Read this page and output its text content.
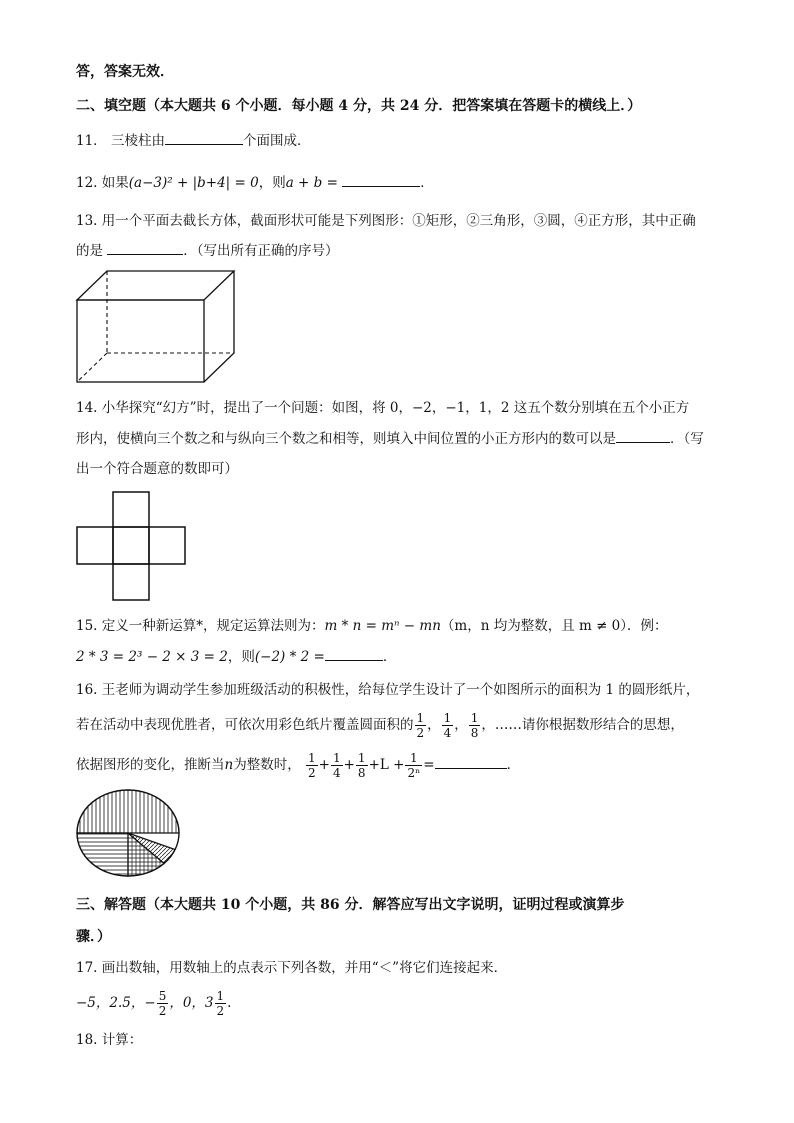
答，答案无效．
二、填空题（本大题共 6 个小题．每小题 4 分，共 24 分．把答案填在答题卡的横线上．）
11． 三棱柱由	个面围成．
12. 如果(a−3)² + |b+4| = 0，则a + b =	．
13. 用一个平面去截长方体，截面形状可能是下列图形：①矩形，②三角形，③圆，④正方形，其中正确
的是	．（写出所有正确的序号）
14. 小华探究“幻方”时，提出了一个问题：如图，将 0，−2，−1，1，2 这五个数分别填在五个小正方
形内，使横向三个数之和与纵向三个数之和相等，则填入中间位置的小正方形内的数可以是	．（写
出一个符合题意的数即可）
15. 定义一种新运算*，规定运算法则为：m * n = mⁿ − mn（m，n 均为整数，且 m ≠ 0）．例：
2 * 3 = 2³ − 2 × 3 = 2，则(−2) * 2 =	．
16. 王老师为调动学生参加班级活动的积极性，给每位学生设计了一个如图所示的面积为 1 的圆形纸片，
若在活动中表现优胜者，可依次用彩色纸片覆盖圆面积的 $\frac{1}{2}$ ， $\frac{1}{4}$ ， $\frac{1}{8}$ ，……请你根据数形结合的思想，
依据图形的变化，推断当n为整数时， $\frac{1}{2} + \frac{1}{4} + \frac{1}{8} +L + \frac{1}{\text{2ⁿ}}$ =	．
三、解答题（本大题共 10 个小题，共 86 分．解答应写出文字说明，证明过程或演算步
骤．）
17. 画出数轴，用数轴上的点表示下列各数，并用“＜”将它们连接起来．
−5，2.5，− $\frac{5}{2}$ ，0，$3 \frac{1}{2}$ .
18. 计算：
